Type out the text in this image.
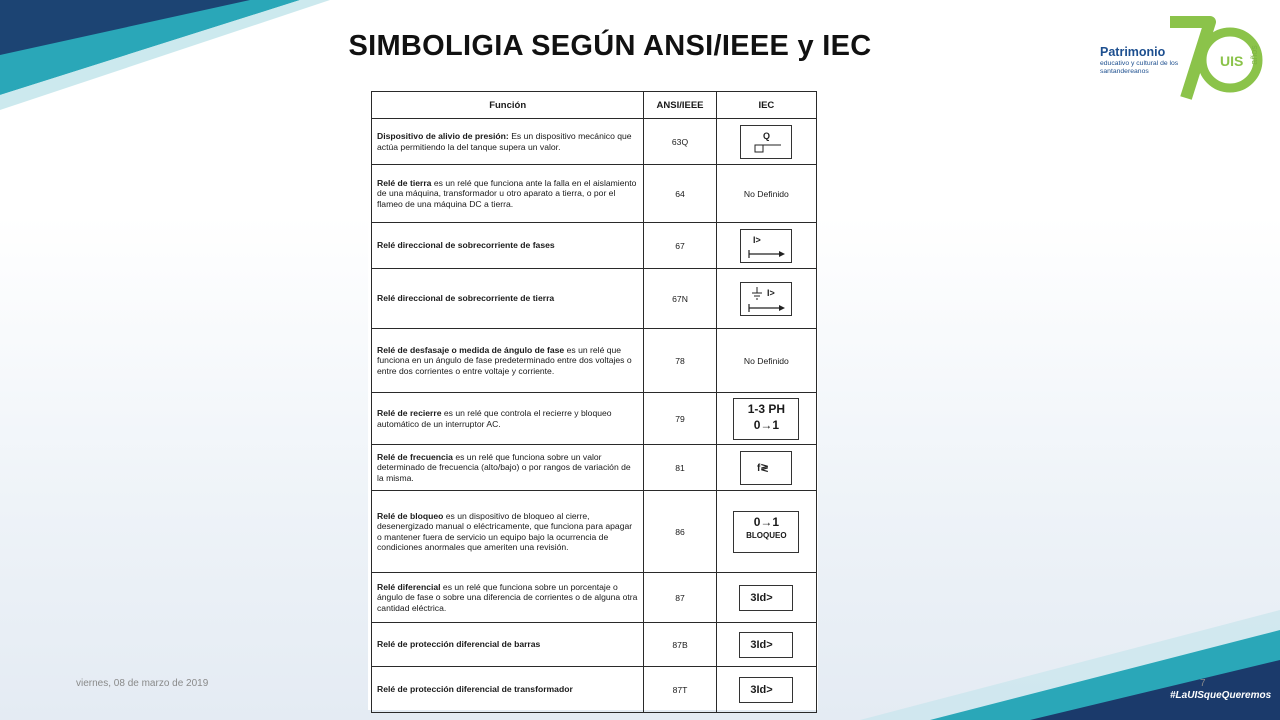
SIMBOLIGIA SEGÚN ANSI/IEEE y IEC	Patrimonio
educativo y cultural de los santandereanos
UIS años
Función	ANSI/IEEE	IEC
Dispositivo de alivio de presión: Es un dispositivo mecánico que actúa permitiendo la del tanque supera un valor.	63Q	Q

Relé de tierra es un relé que funciona ante la falla en el aislamiento de una máquina, transformador u otro aparato a tierra, o por el flameo de una máquina DC a tierra.	64	No Definido
Relé direccional de sobrecorriente de fases	67	I>

Relé direccional de sobrecorriente de tierra	67N	I>

Relé de desfasaje o medida de ángulo de fase es un relé que funciona en un ángulo de fase predeterminado entre dos voltajes o entre dos corrientes o entre voltaje y corriente.	78	No Definido
Relé de recierre es un relé que controla el recierre y bloqueo automático de un interruptor AC.	79	1-3 PH
0→1

Relé de frecuencia es un relé que funciona sobre un valor determinado de frecuencia (alto/bajo) o por rangos de variación de la misma.	81	f≷

Relé de bloqueo es un dispositivo de bloqueo al cierre, desenergizado manual o eléctricamente, que funciona para apagar o mantener fuera de servicio un equipo bajo la ocurrencia de condiciones anormales que ameriten una revisión.	86	0→1
BLOQUEO

Relé diferencial es un relé que funciona sobre un porcentaje o ángulo de fase o sobre una diferencia de corrientes o de alguna otra cantidad eléctrica.	87	3Id>
Relé de protección diferencial de barras	87B	3Id>
Relé de protección diferencial de transformador	87T	3Id>
viernes, 08 de marzo de 2019	7
#LaUISqueQueremos
